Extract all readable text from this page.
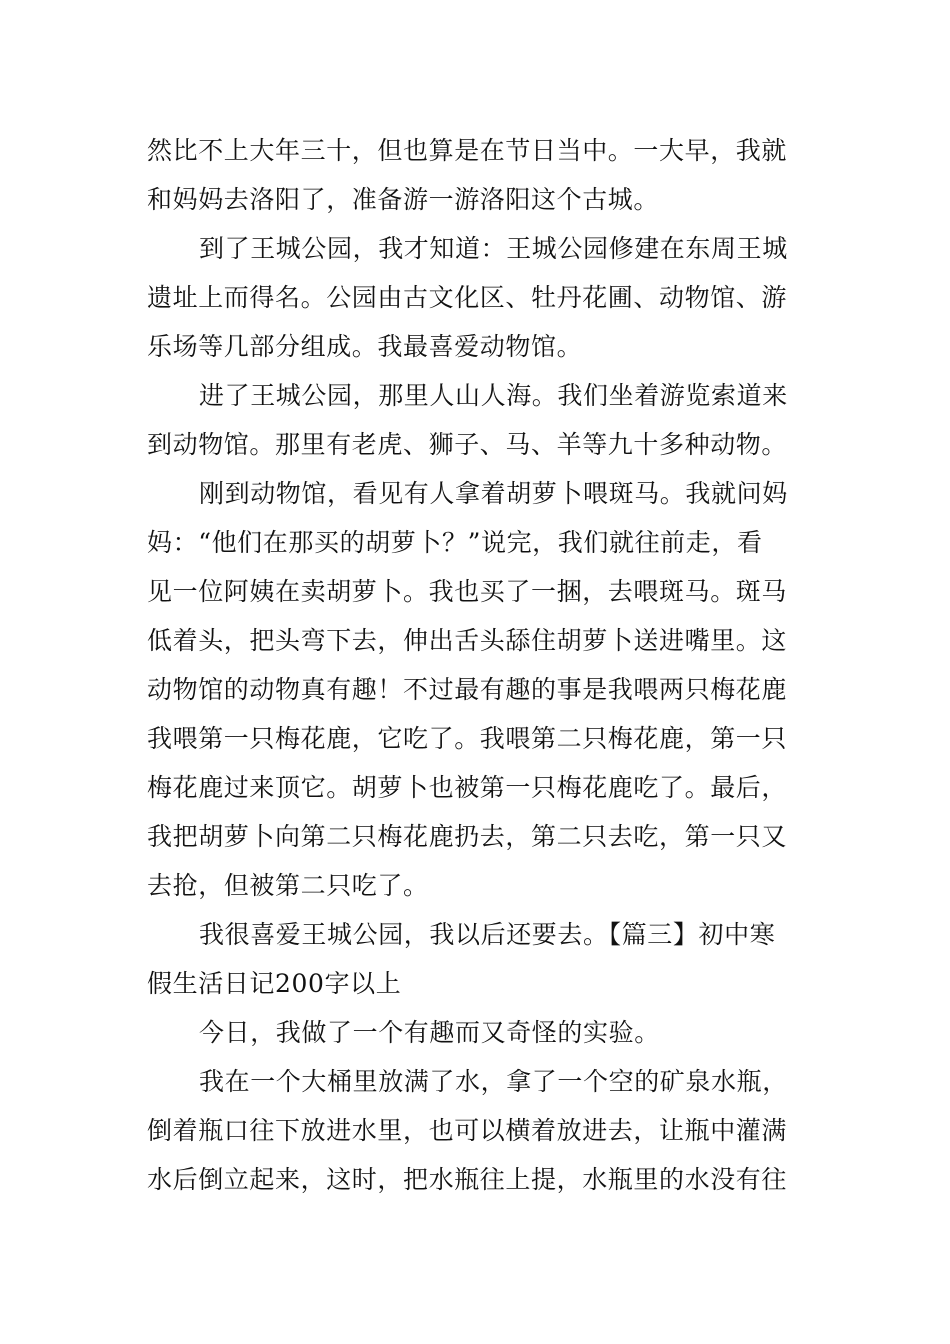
然比不上大年三十，但也算是在节日当中。一大早，我就
和妈妈去洛阳了，准备游一游洛阳这个古城。
到了王城公园，我才知道：王城公园修建在东周王城
遗址上而得名。公园由古文化区、牡丹花圃、动物馆、游
乐场等几部分组成。我最喜爱动物馆。
进了王城公园，那里人山人海。我们坐着游览索道来
到动物馆。那里有老虎、狮子、马、羊等九十多种动物。
刚到动物馆，看见有人拿着胡萝卜喂斑马。我就问妈
妈：“他们在那买的胡萝卜？”说完，我们就往前走，看
见一位阿姨在卖胡萝卜。我也买了一捆，去喂斑马。斑马
低着头，把头弯下去，伸出舌头舔住胡萝卜送进嘴里。这
动物馆的动物真有趣！不过最有趣的事是我喂两只梅花鹿
我喂第一只梅花鹿，它吃了。我喂第二只梅花鹿，第一只
梅花鹿过来顶它。胡萝卜也被第一只梅花鹿吃了。最后，
我把胡萝卜向第二只梅花鹿扔去，第二只去吃，第一只又
去抢，但被第二只吃了。
我很喜爱王城公园，我以后还要去。【篇三】初中寒
假生活日记200字以上
今日，我做了一个有趣而又奇怪的实验。
我在一个大桶里放满了水，拿了一个空的矿泉水瓶，
倒着瓶口往下放进水里，也可以横着放进去，让瓶中灌满
水后倒立起来，这时，把水瓶往上提，水瓶里的水没有往
